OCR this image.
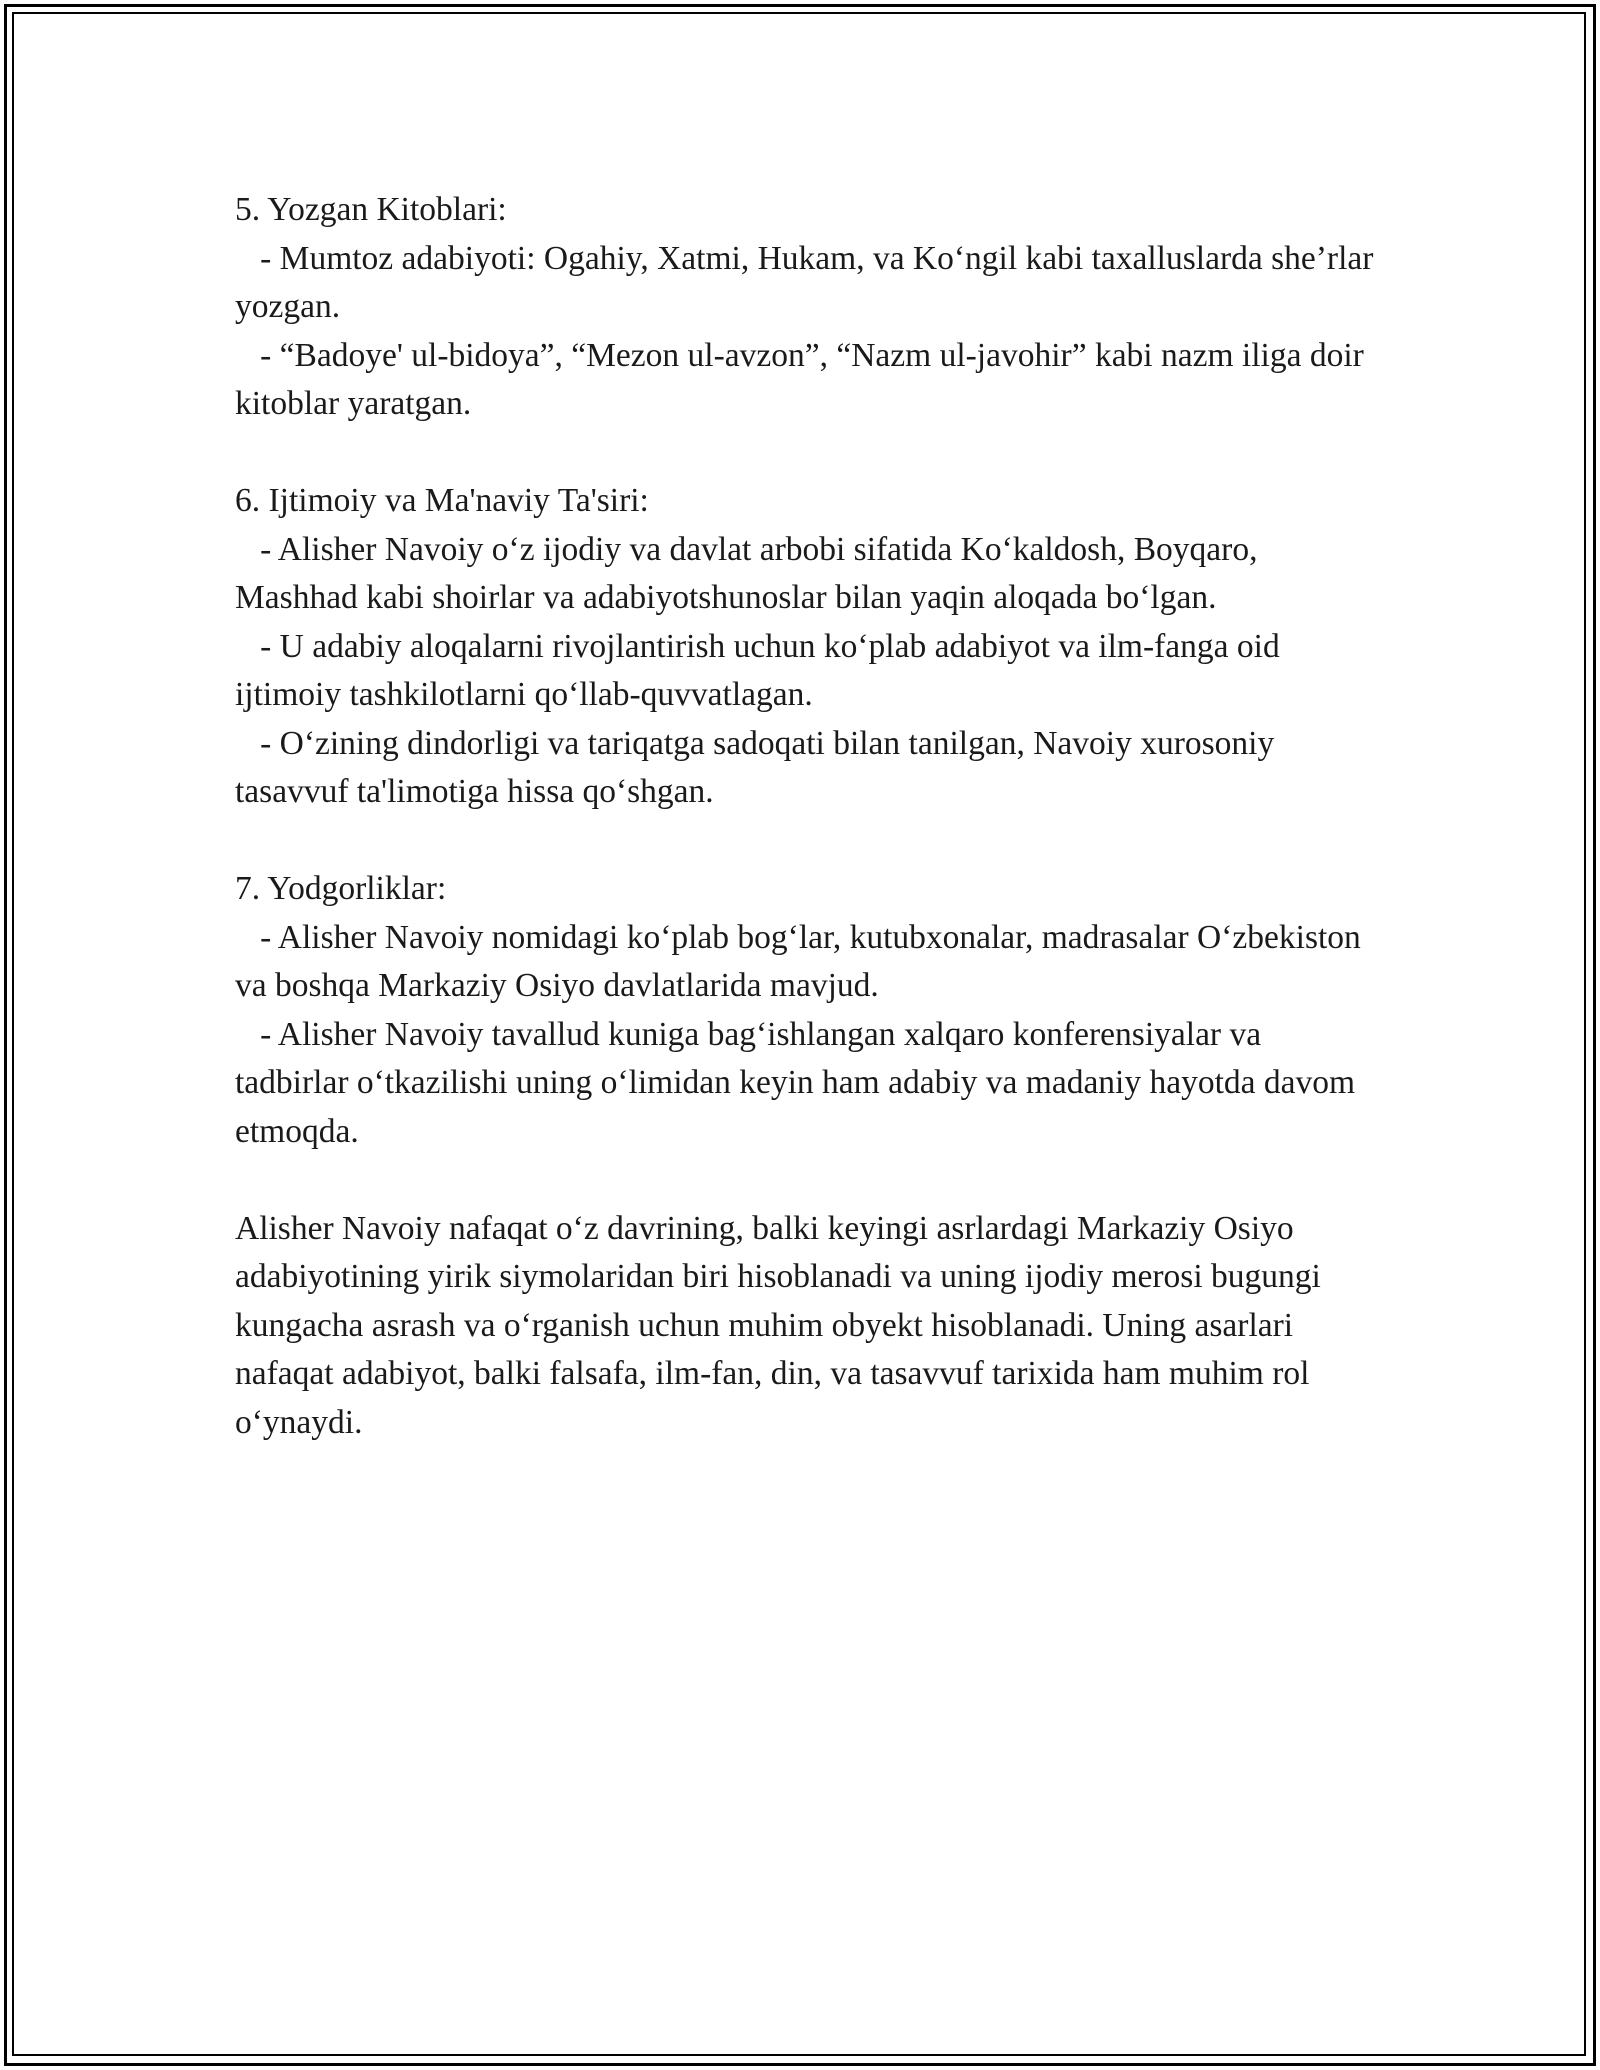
5. Yozgan Kitoblari:

- Mumtoz adabiyoti: Ogahiy, Xatmi, Hukam, va Koʻngil kabi taxalluslarda she’rlar yozgan.

- “Badoye' ul-bidoya”, “Mezon ul-avzon”, “Nazm ul-javohir” kabi nazm iliga doir kitoblar yaratgan.

6. Ijtimoiy va Ma'naviy Ta'siri:

- Alisher Navoiy oʻz ijodiy va davlat arbobi sifatida Koʻkaldosh, Boyqaro, Mashhad kabi shoirlar va adabiyotshunoslar bilan yaqin aloqada boʻlgan.

- U adabiy aloqalarni rivojlantirish uchun koʻplab adabiyot va ilm-fanga oid ijtimoiy tashkilotlarni qoʻllab-quvvatlagan.

- Oʻzining dindorligi va tariqatga sadoqati bilan tanilgan, Navoiy xurosoniy tasavvuf ta'limotiga hissa qoʻshgan.

7. Yodgorliklar:

- Alisher Navoiy nomidagi koʻplab bogʻlar, kutubxonalar, madrasalar Oʻzbekiston va boshqa Markaziy Osiyo davlatlarida mavjud.

- Alisher Navoiy tavallud kuniga bagʻishlangan xalqaro konferensiyalar va tadbirlar oʻtkazilishi uning oʻlimidan keyin ham adabiy va madaniy hayotda davom etmoqda.

Alisher Navoiy nafaqat oʻz davrining, balki keyingi asrlardagi Markaziy Osiyo adabiyotining yirik siymolaridan biri hisoblanadi va uning ijodiy merosi bugungi kungacha asrash va oʻrganish uchun muhim obyekt hisoblanadi. Uning asarlari nafaqat adabiyot, balki falsafa, ilm-fan, din, va tasavvuf tarixida ham muhim rol oʻynaydi.
